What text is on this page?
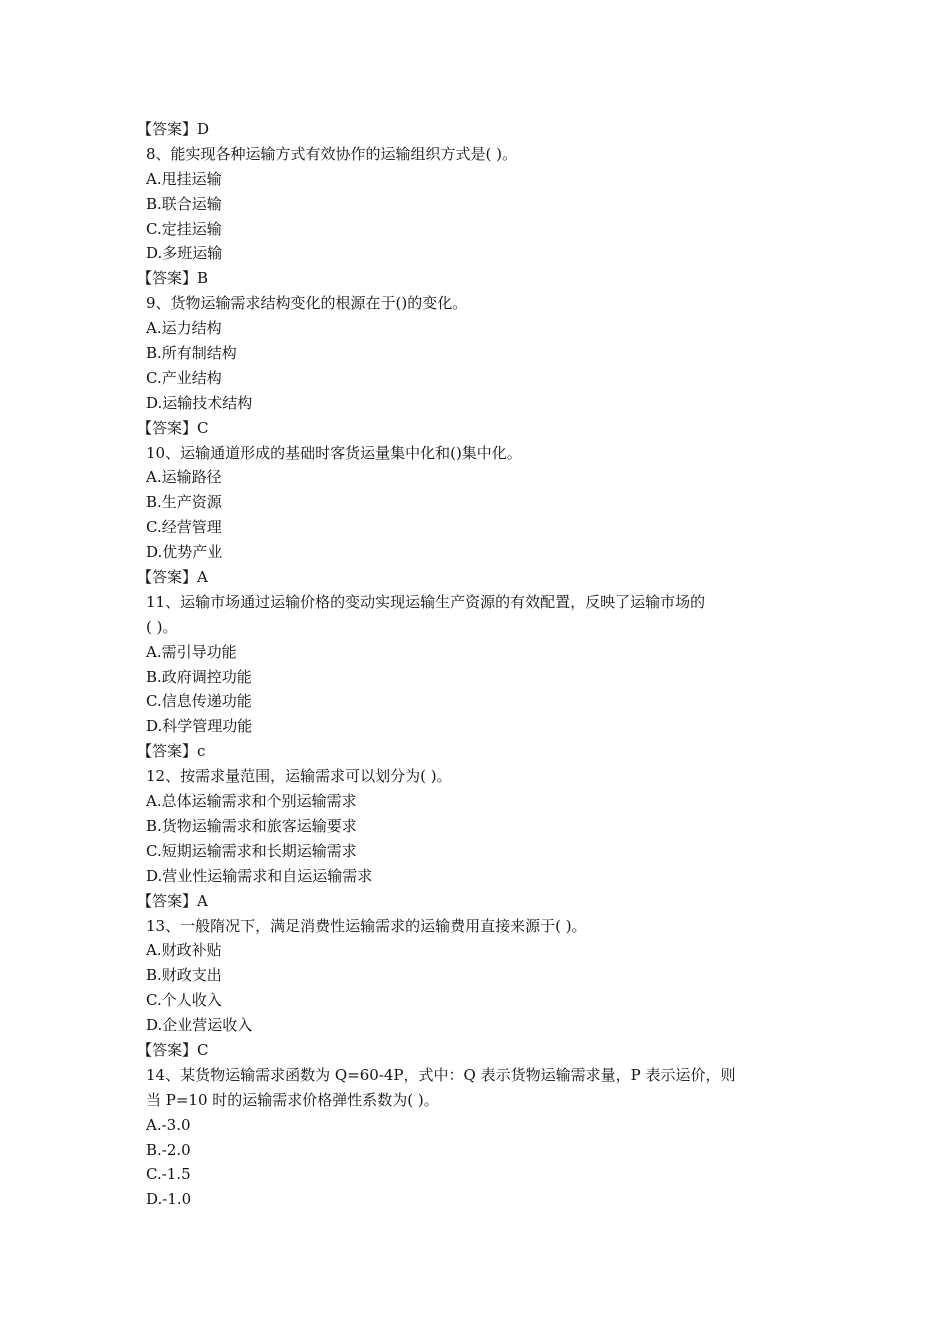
【答案】D
8、能实现各种运输方式有效协作的运输组织方式是( )。
A.甩挂运输
B.联合运输
C.定挂运输
D.多班运输
【答案】B
9、货物运输需求结构变化的根源在于()的变化。
A.运力结构
B.所有制结构
C.产业结构
D.运输技术结构
【答案】C
10、运输通道形成的基础时客货运量集中化和()集中化。
A.运输路径
B.生产资源
C.经营管理
D.优势产业
【答案】A
11、运输市场通过运输价格的变动实现运输生产资源的有效配置，反映了运输市场的
( )。
A.需引导功能
B.政府调控功能
C.信息传递功能
D.科学管理功能
【答案】c
12、按需求量范围，运输需求可以划分为( )。
A.总体运输需求和个别运输需求
B.货物运输需求和旅客运输要求
C.短期运输需求和长期运输需求
D.营业性运输需求和自运运输需求
【答案】A
13、一般隋况下，满足消费性运输需求的运输费用直接来源于( )。
A.财政补贴
B.财政支出
C.个人收入
D.企业营运收入
【答案】C
14、某货物运输需求函数为 Q=60-4P，式中：Q 表示货物运输需求量，P 表示运价，则
当 P=10 时的运输需求价格弹性系数为( )。
A.-3.0
B.-2.0
C.-1.5
D.-1.0
